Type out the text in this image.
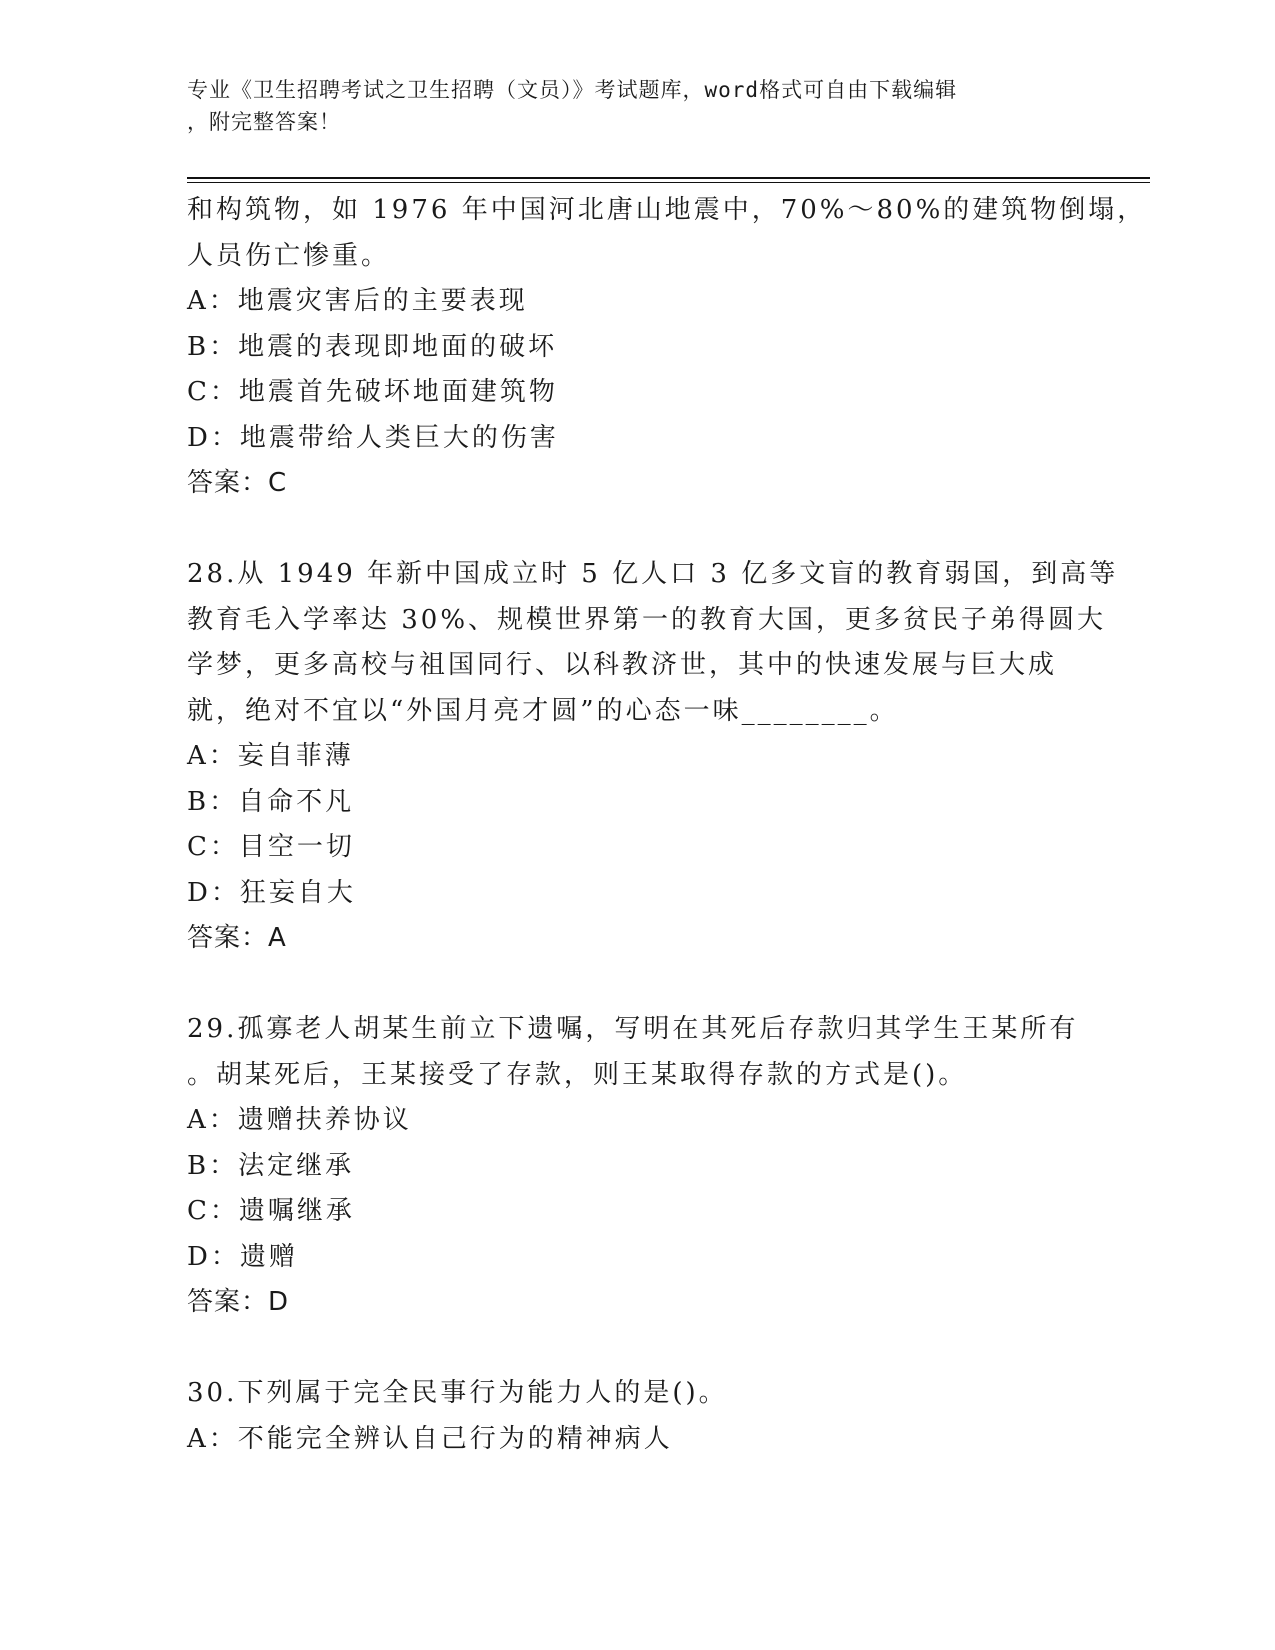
专业《卫生招聘考试之卫生招聘（文员）》考试题库，word格式可自由下载编辑
，附完整答案！
和构筑物，如 1976 年中国河北唐山地震中，70%～80%的建筑物倒塌，
人员伤亡惨重。
A：地震灾害后的主要表现
B：地震的表现即地面的破坏
C：地震首先破坏地面建筑物
D：地震带给人类巨大的伤害
答案：C
28.从 1949 年新中国成立时 5 亿人口 3 亿多文盲的教育弱国，到高等
教育毛入学率达 30%、规模世界第一的教育大国，更多贫民子弟得圆大
学梦，更多高校与祖国同行、以科教济世，其中的快速发展与巨大成
就，绝对不宜以“外国月亮才圆”的心态一味________。
A：妄自菲薄
B：自命不凡
C：目空一切
D：狂妄自大
答案：A
29.孤寡老人胡某生前立下遗嘱，写明在其死后存款归其学生王某所有
。胡某死后，王某接受了存款，则王某取得存款的方式是()。
A：遗赠扶养协议
B：法定继承
C：遗嘱继承
D：遗赠
答案：D
30.下列属于完全民事行为能力人的是()。
A：不能完全辨认自己行为的精神病人
